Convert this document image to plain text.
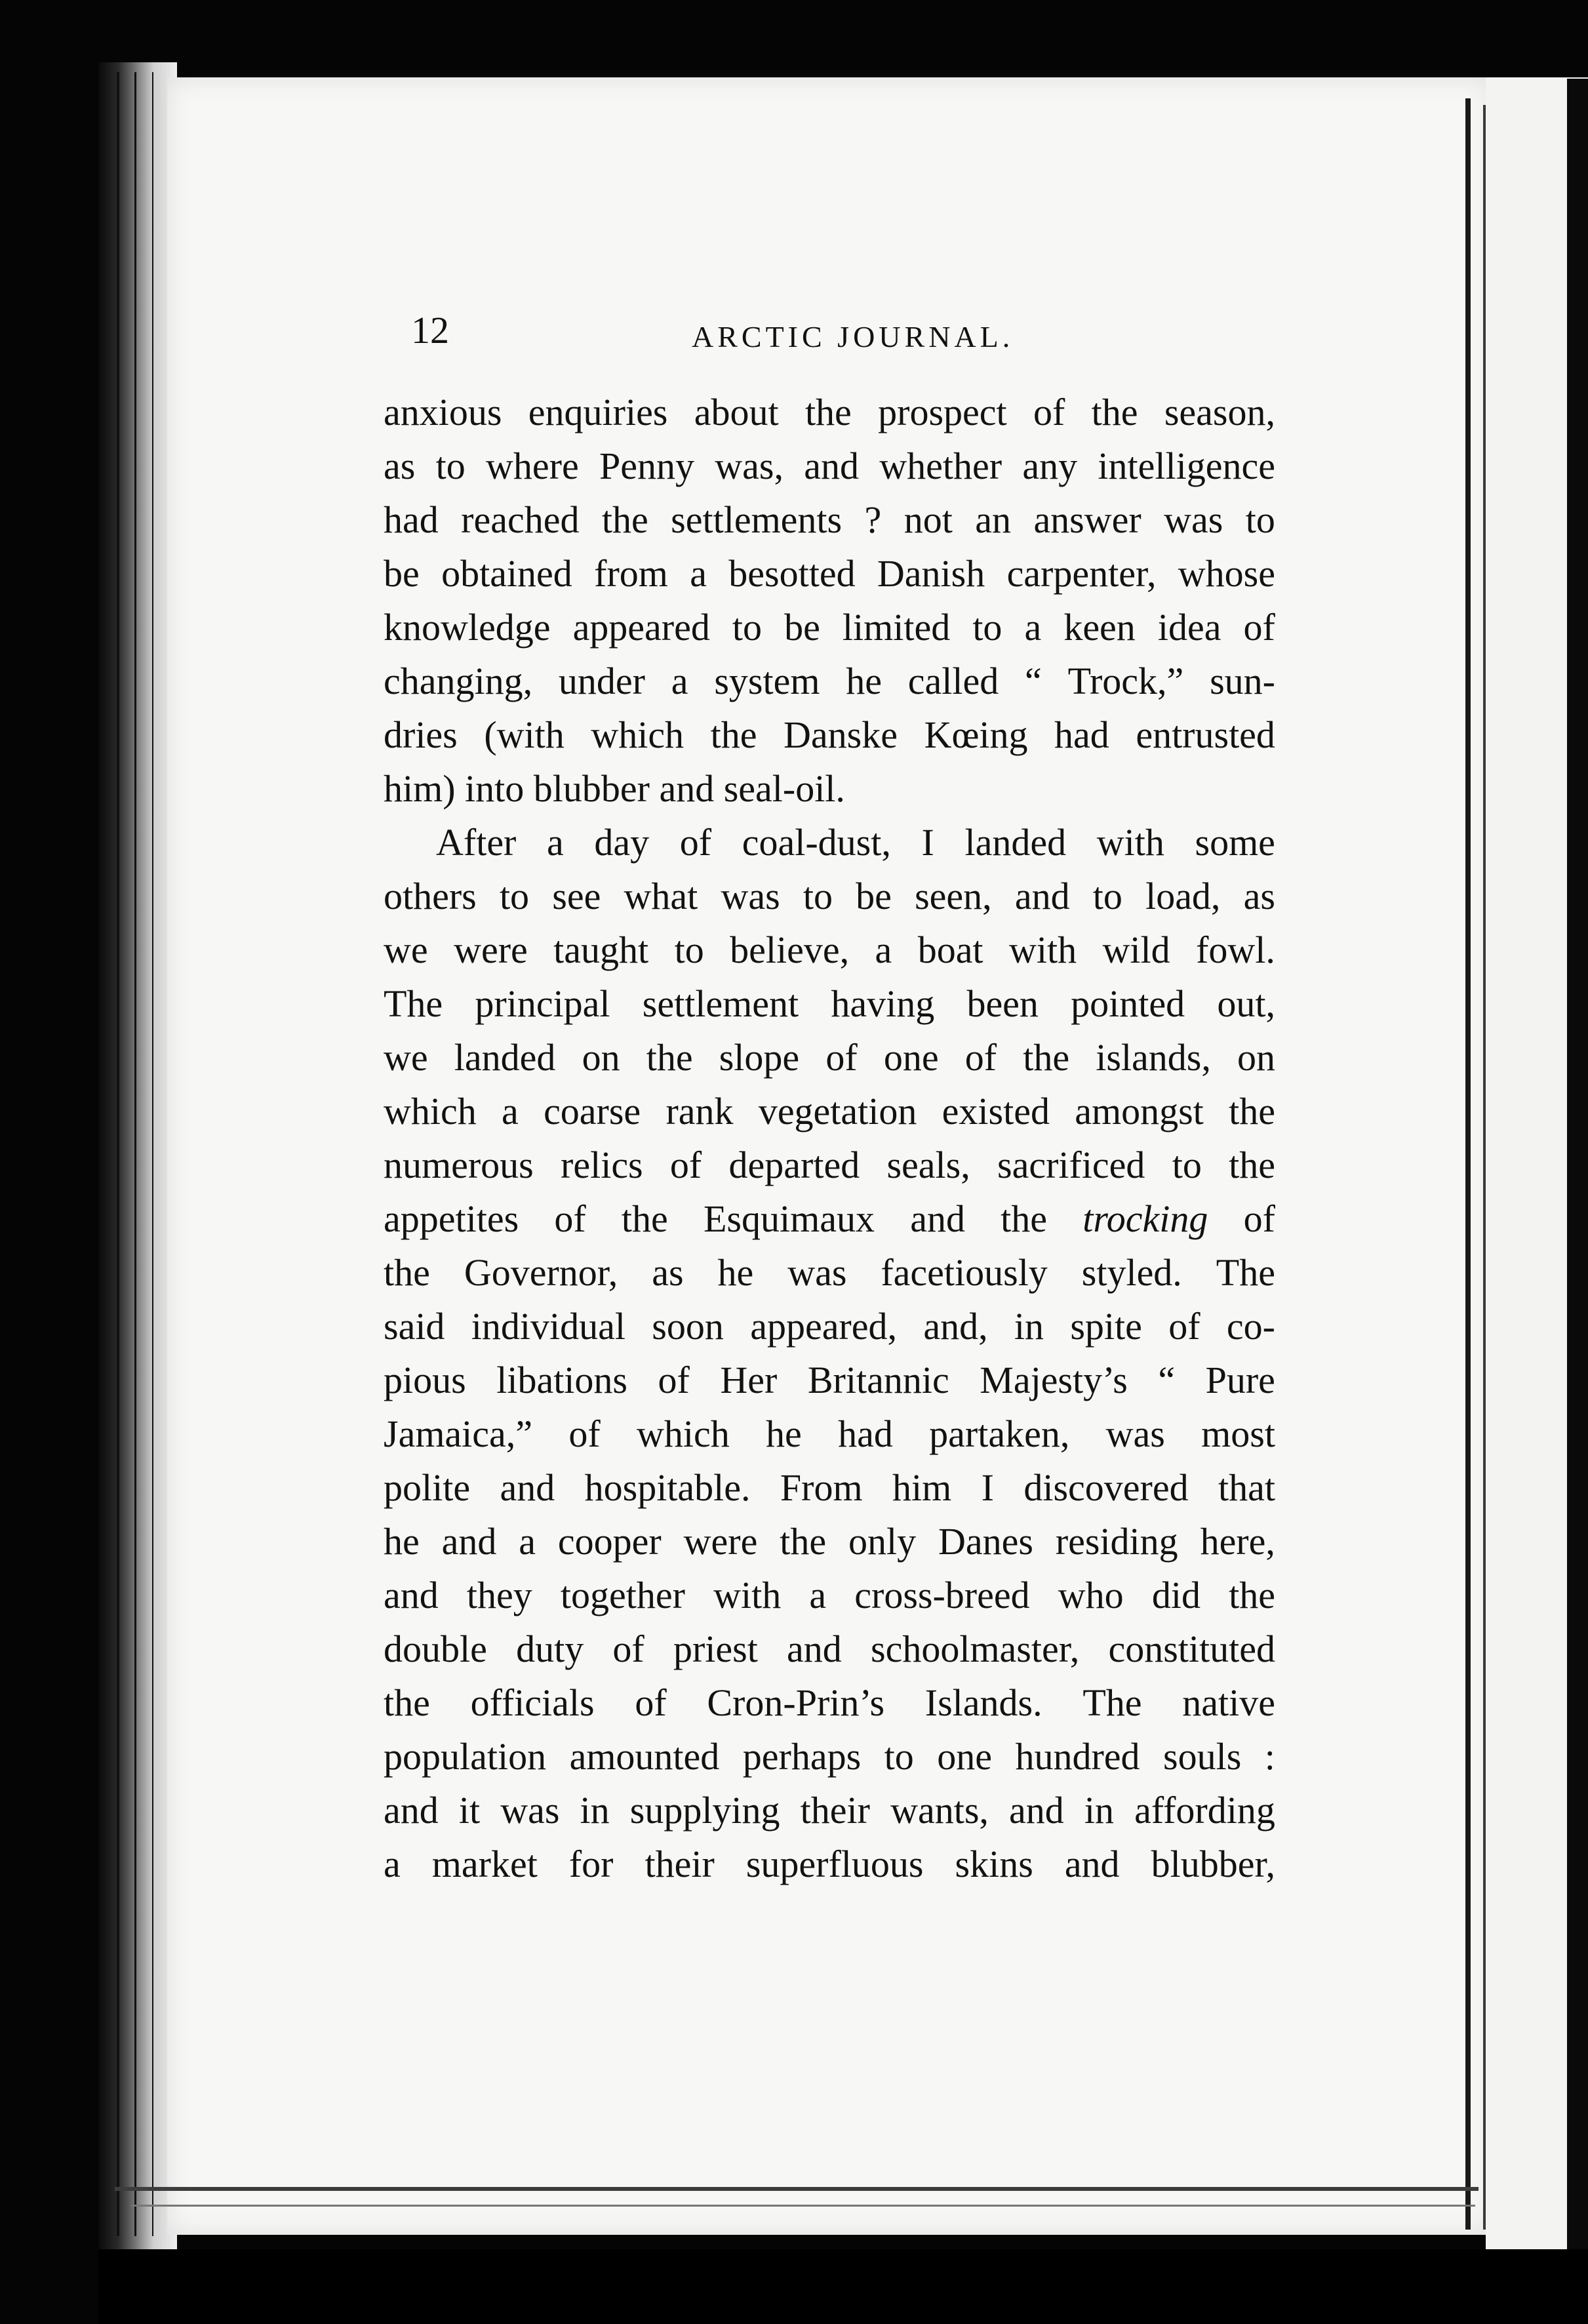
12	ARCTIC JOURNAL.
anxious enquiries about the prospect of the season,
as to where Penny was, and whether any intelligence
had reached the settlements ? not an answer was to
be obtained from a besotted Danish carpenter, whose
knowledge appeared to be limited to a keen idea of
changing, under a system he called “ Trock,” sun-
dries (with which the Danske Kœing had entrusted
him) into blubber and seal-oil.
After a day of coal-dust, I landed with some
others to see what was to be seen, and to load, as
we were taught to believe, a boat with wild fowl.
The principal settlement having been pointed out,
we landed on the slope of one of the islands, on
which a coarse rank vegetation existed amongst the
numerous relics of departed seals, sacrificed to the
appetites of the Esquimaux and the trocking of
the Governor, as he was facetiously styled. The
said individual soon appeared, and, in spite of co-
pious libations of Her Britannic Majesty’s “ Pure
Jamaica,” of which he had partaken, was most
polite and hospitable. From him I discovered that
he and a cooper were the only Danes residing here,
and they together with a cross-breed who did the
double duty of priest and schoolmaster, constituted
the officials of Cron-Prin’s Islands. The native
population amounted perhaps to one hundred souls :
and it was in supplying their wants, and in affording
a market for their superfluous skins and blubber,
